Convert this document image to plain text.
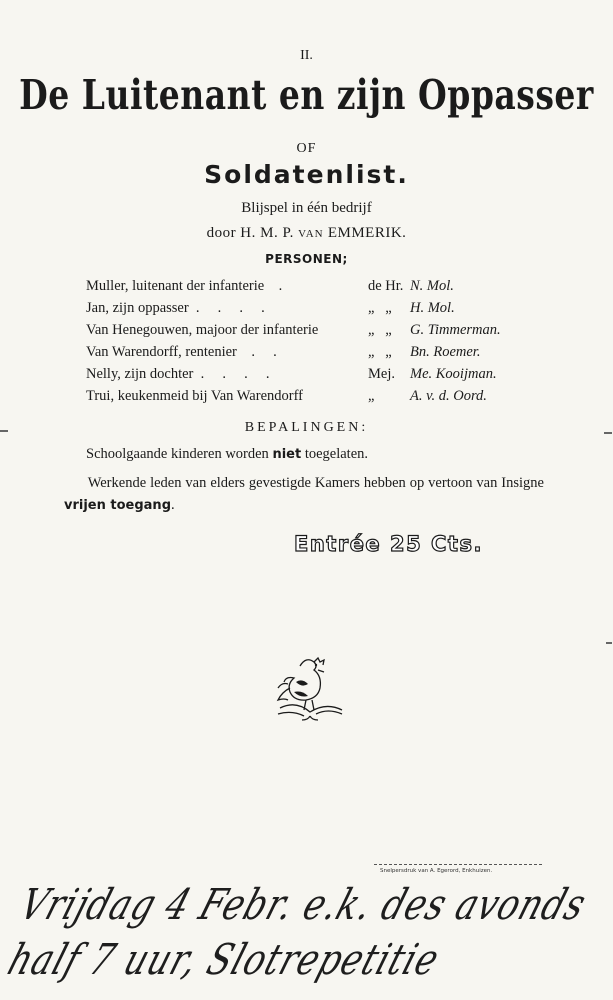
II.
De Luitenant en zijn Oppasser
OF
Soldatenlist.
Blijspel in één bedrijf
door H. M. P. VAN EMMERIK.
PERSONEN;
Muller, luitenant der infanterie    .	de Hr. N. Mol.
Jan, zijn oppasser  .     .     .     .	„   „ H. Mol.
Van Henegouwen, majoor der infanterie	„   „ G. Timmerman.
Van Warendorff, rentenier    .     .	„   „ Bn. Roemer.
Nelly, zijn dochter  .     .     .     .	Mej. Me. Kooijman.
Trui, keukenmeid bij Van Warendorff	„ A. v. d. Oord.
BEPALINGEN:
Schoolgaande kinderen worden niet toegelaten.
Werkende leden van elders gevestigde Kamers hebben op vertoon van Insigne vrijen toegang.
Entrée 25 Cts.
Snelpersdruk van A. Egerord, Enkhuizen.
Vrijdag 4 Febr. e.k. des avonds
half 7 uur, Slotrepetitie
